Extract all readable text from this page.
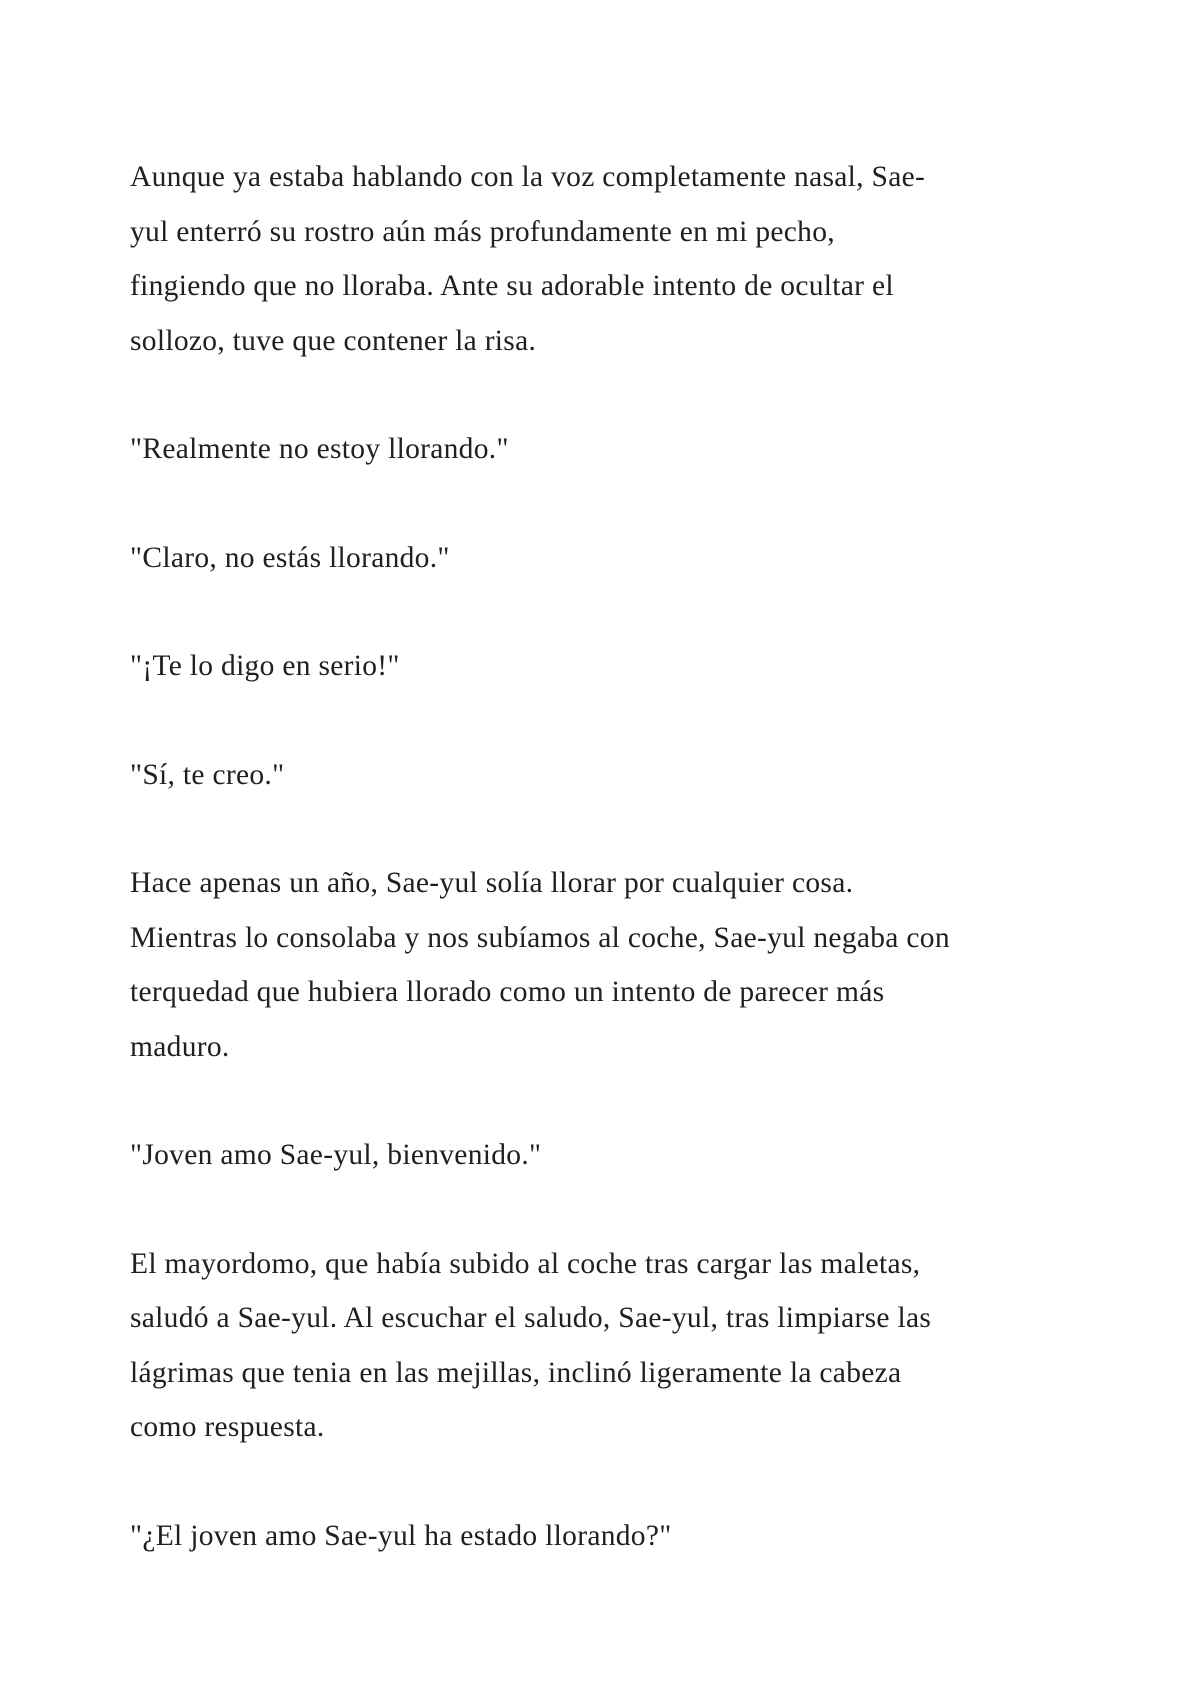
Aunque ya estaba hablando con la voz completamente nasal, Sae-
yul enterró su rostro aún más profundamente en mi pecho,
fingiendo que no lloraba. Ante su adorable intento de ocultar el
sollozo, tuve que contener la risa.

"Realmente no estoy llorando."

"Claro, no estás llorando."

"¡Te lo digo en serio!"

"Sí, te creo."

Hace apenas un año, Sae-yul solía llorar por cualquier cosa.
Mientras lo consolaba y nos subíamos al coche, Sae-yul negaba con
terquedad que hubiera llorado como un intento de parecer más
maduro.

"Joven amo Sae-yul, bienvenido."

El mayordomo, que había subido al coche tras cargar las maletas,
saludó a Sae-yul. Al escuchar el saludo, Sae-yul, tras limpiarse las
lágrimas que tenia en las mejillas, inclinó ligeramente la cabeza
como respuesta.

"¿El joven amo Sae-yul ha estado llorando?"
